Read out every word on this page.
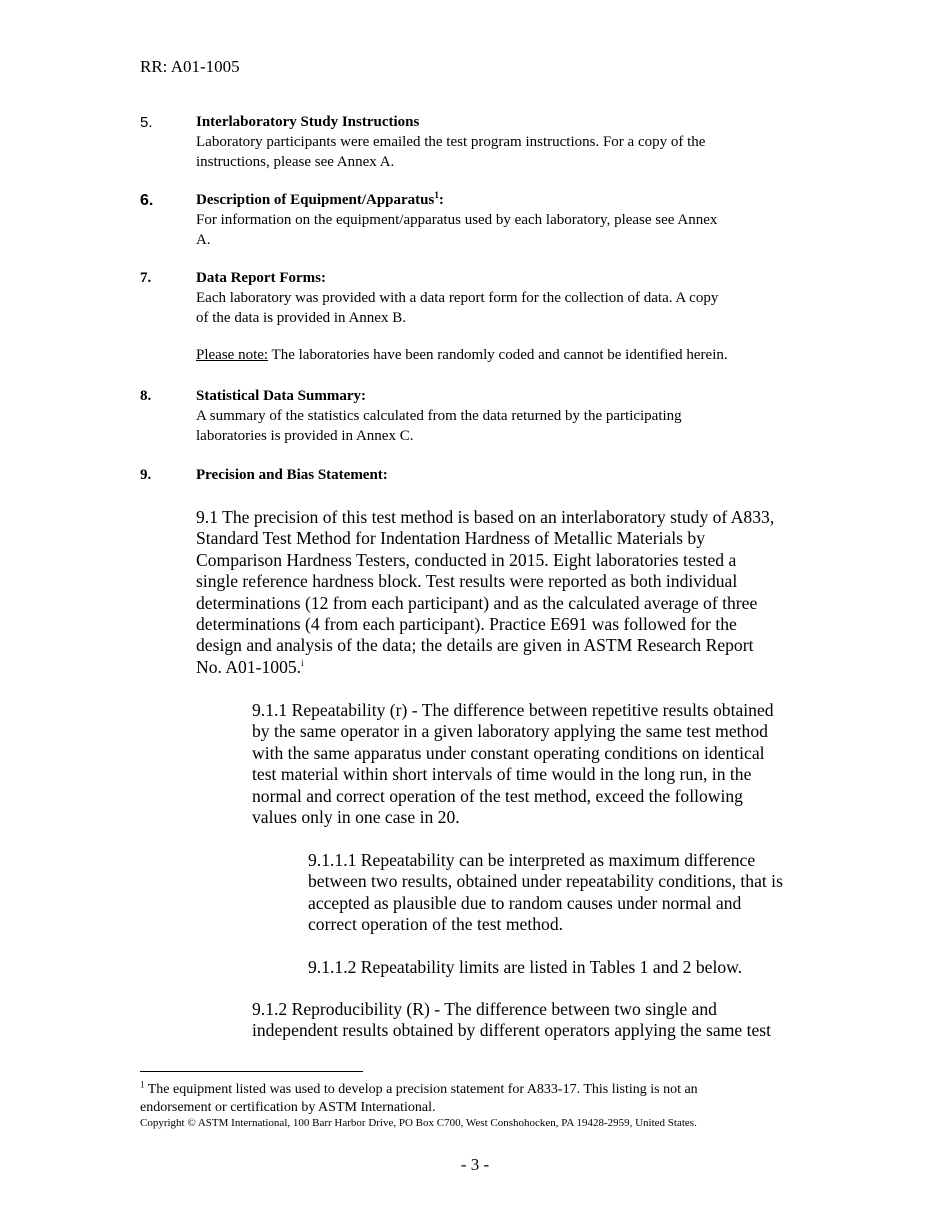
RR: A01-1005
5.	Interlaboratory Study Instructions
Laboratory participants were emailed the test program instructions. For a copy of the
instructions, please see Annex A.
6.	Description of Equipment/Apparatus$^1$:
For information on the equipment/apparatus used by each laboratory, please see Annex
A.
7.	Data Report Forms:
Each laboratory was provided with a data report form for the collection of data. A copy
of the data is provided in Annex B.
Please note: The laboratories have been randomly coded and cannot be identified herein.
8.	Statistical Data Summary:
A summary of the statistics calculated from the data returned by the participating
laboratories is provided in Annex C.
9.	Precision and Bias Statement:
9.1 The precision of this test method is based on an interlaboratory study of A833,
Standard Test Method for Indentation Hardness of Metallic Materials by
Comparison Hardness Testers, conducted in 2015. Eight laboratories tested a
single reference hardness block. Test results were reported as both individual
determinations (12 from each participant) and as the calculated average of three
determinations (4 from each participant). Practice E691 was followed for the
design and analysis of the data; the details are given in ASTM Research Report
No. A01-1005.$^i$
9.1.1 Repeatability (r) - The difference between repetitive results obtained
by the same operator in a given laboratory applying the same test method
with the same apparatus under constant operating conditions on identical
test material within short intervals of time would in the long run, in the
normal and correct operation of the test method, exceed the following
values only in one case in 20.
9.1.1.1 Repeatability can be interpreted as maximum difference
between two results, obtained under repeatability conditions, that is
accepted as plausible due to random causes under normal and
correct operation of the test method.
9.1.1.2 Repeatability limits are listed in Tables 1 and 2 below.
9.1.2 Reproducibility (R) - The difference between two single and
independent results obtained by different operators applying the same test
$^1$ The equipment listed was used to develop a precision statement for A833-17. This listing is not an
endorsement or certification by ASTM International.
Copyright © ASTM International, 100 Barr Harbor Drive, PO Box C700, West Conshohocken, PA 19428-2959, United States.
- 3 -
